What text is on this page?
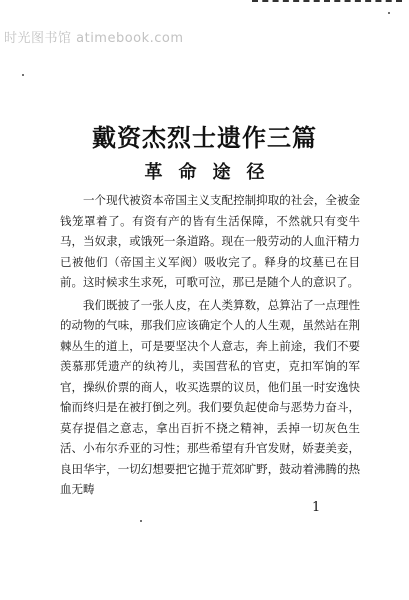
时光图书馆 atimebook.com
戴资杰烈士遗作三篇
革命途径

一个现代被资本帝国主义支配控制抑取的社会，全被金钱笼罩着了。有资有产的皆有生活保障，不然就只有变牛马，当奴隶，或饿死一条道路。现在一般劳动的人血汗精力已被他们（帝国主义军阀）吸收完了。释身的坟墓已在目前。这时候求生求死，可歌可泣，那已是随个人的意识了。

我们既披了一张人皮，在人类算数，总算沾了一点理性的动物的气味，那我们应该确定个人的人生观，虽然站在荆棘丛生的道上，可是要坚决个人意志，奔上前途，我们不要羡慕那凭遗产的纨袴儿，卖国营私的官吏，克扣军饷的军官，操纵价票的商人，收买选票的议员，他们虽一时安逸快愉而终归是在被打倒之列。我们要负起使命与恶势力奋斗，莫存提倡之意志，拿出百折不挠之精神，丢掉一切灰色生活、小布尔乔亚的习性；那些希望有升官发财，娇妻美妾，良田华宇，一切幻想要把它抛于荒郊旷野，鼓动着沸腾的热血无畴

1
